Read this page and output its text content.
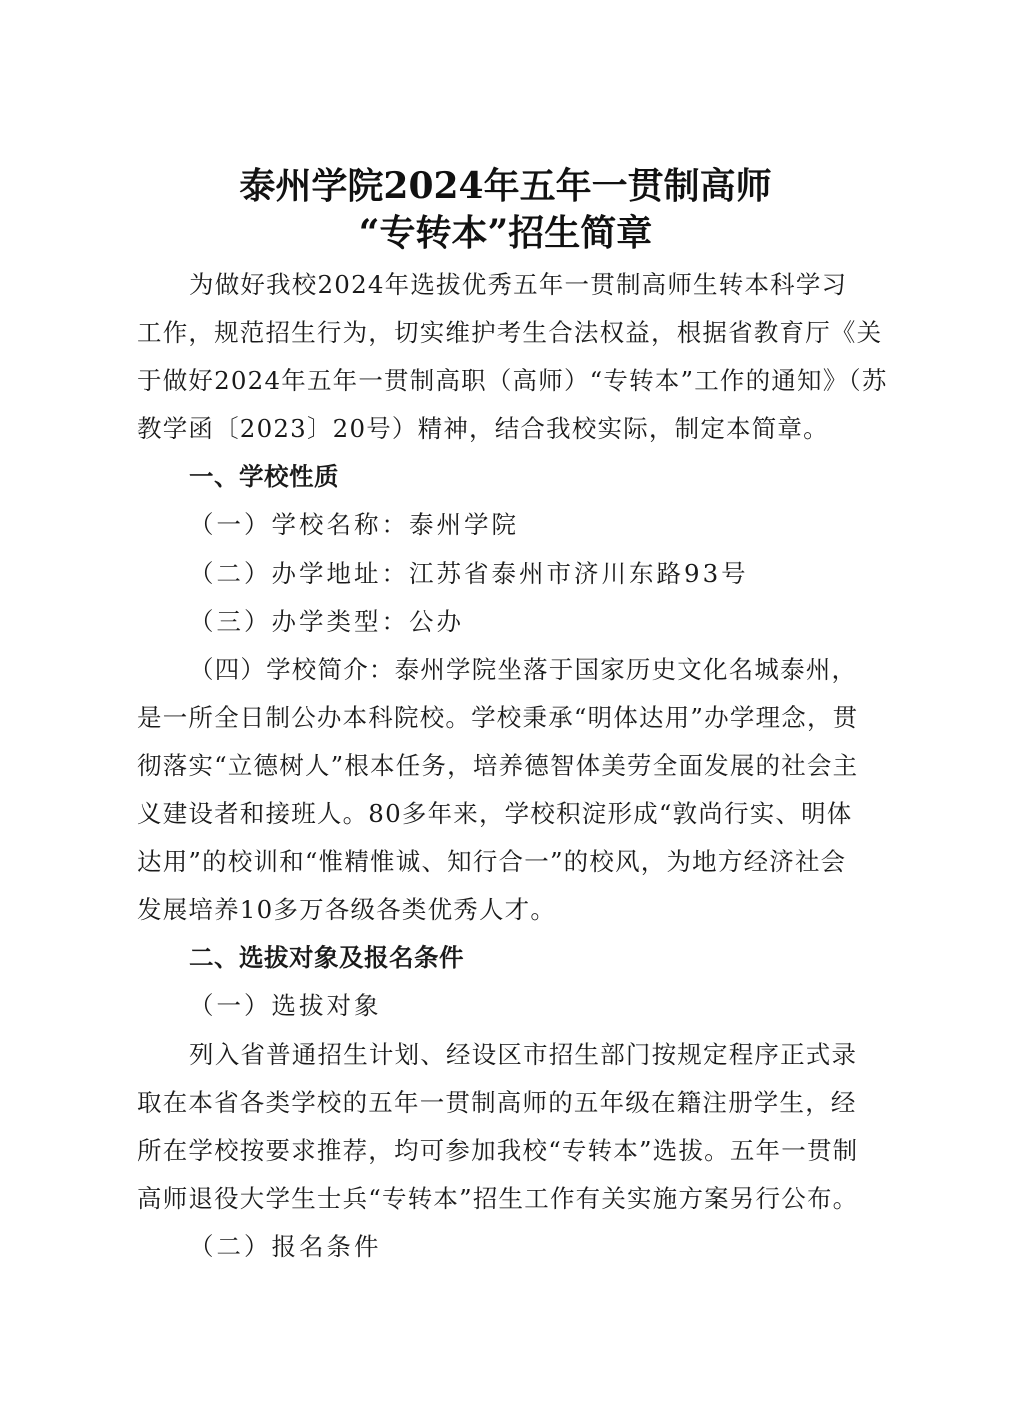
泰州学院2024年五年一贯制高师
“专转本”招生简章
为做好我校2024年选拔优秀五年一贯制高师生转本科学习
工作，规范招生行为，切实维护考生合法权益，根据省教育厅《关
于做好2024年五年一贯制高职（高师）“专转本”工作的通知》（苏
教学函〔2023〕20号）精神，结合我校实际，制定本简章。
一、学校性质
（一）学校名称：泰州学院
（二）办学地址：江苏省泰州市济川东路93号
（三）办学类型：公办
（四）学校简介：泰州学院坐落于国家历史文化名城泰州，
是一所全日制公办本科院校。学校秉承“明体达用”办学理念，贯
彻落实“立德树人”根本任务，培养德智体美劳全面发展的社会主
义建设者和接班人。80多年来，学校积淀形成“敦尚行实、明体
达用”的校训和“惟精惟诚、知行合一”的校风，为地方经济社会
发展培养10多万各级各类优秀人才。
二、选拔对象及报名条件
（一）选拔对象
列入省普通招生计划、经设区市招生部门按规定程序正式录
取在本省各类学校的五年一贯制高师的五年级在籍注册学生，经
所在学校按要求推荐，均可参加我校“专转本”选拔。五年一贯制
高师退役大学生士兵“专转本”招生工作有关实施方案另行公布。
（二）报名条件
